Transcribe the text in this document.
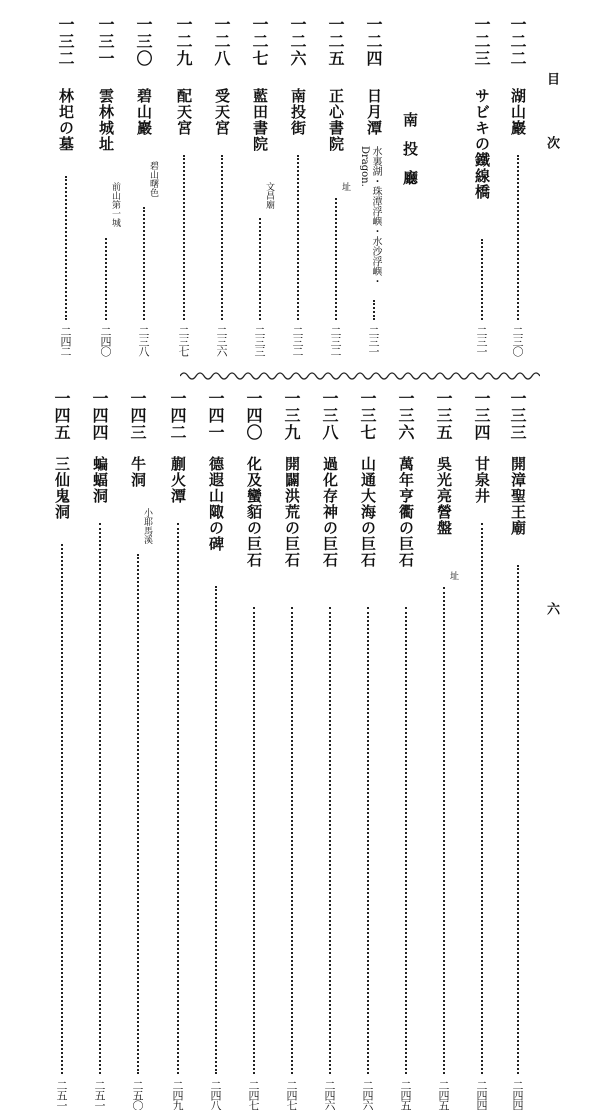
目
次
六
南投廳
一二二
湖山巖
二三〇
一二三
サビキの鐵線橋
二三一
一二四
日月潭
水裏湖・珠潭浮嶼・水沙浮嶼・Dragon.
二三一
一二五
正心書院
址
二三二
一二六
南投街
二三二
一二七
藍田書院
文昌廟
二三三
一二八
受天宮
二三六
一二九
配天宮
二三七
一三〇
碧山巖
碧山曙色
二三八
一三一
雲林城址
前山第一城
二四〇
一三二
林圯の墓
二四二
一三三
開漳聖王廟
二四四
一三四
甘泉井
二四四
一三五
吳光亮營盤
址
二四五
一三六
萬年亨衢の巨石
二四五
一三七
山通大海の巨石
二四六
一三八
過化存神の巨石
二四六
一三九
開闢洪荒の巨石
二四七
一四〇
化及蠻貊の巨石
二四七
一四一
德遐山陬の碑
二四八
一四二
蒯火潭
二四九
一四三
牛洞
小耶馬溪
二五〇
一四四
蝙蝠洞
二五一
一四五
三仙鬼洞
二五一
